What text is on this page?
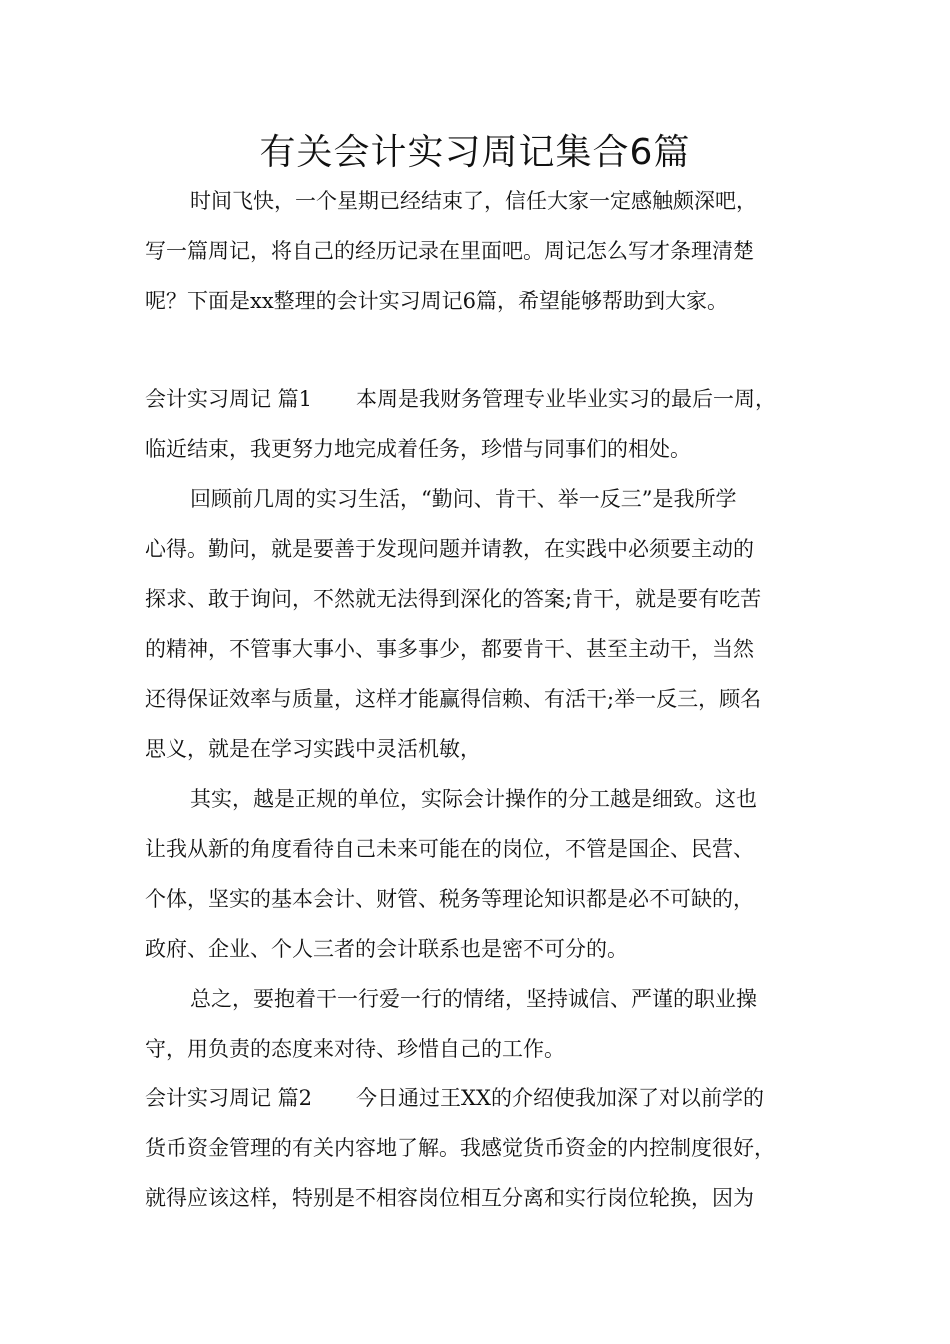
有关会计实习周记集合6篇
时间飞快，一个星期已经结束了，信任大家一定感触颇深吧，
写一篇周记，将自己的经历记录在里面吧。周记怎么写才条理清楚
呢？下面是xx整理的会计实习周记6篇，希望能够帮助到大家。
会计实习周记 篇1 本周是我财务管理专业毕业实习的最后一周，
临近结束，我更努力地完成着任务，珍惜与同事们的相处。
回顾前几周的实习生活，“勤问、肯干、举一反三”是我所学
心得。勤问，就是要善于发现问题并请教，在实践中必须要主动的
探求、敢于询问，不然就无法得到深化的答案;肯干，就是要有吃苦
的精神，不管事大事小、事多事少，都要肯干、甚至主动干，当然
还得保证效率与质量，这样才能赢得信赖、有活干;举一反三，顾名
思义，就是在学习实践中灵活机敏，
其实，越是正规的单位，实际会计操作的分工越是细致。这也
让我从新的角度看待自己未来可能在的岗位，不管是国企、民营、
个体，坚实的基本会计、财管、税务等理论知识都是必不可缺的，
政府、企业、个人三者的会计联系也是密不可分的。
总之，要抱着干一行爱一行的情绪，坚持诚信、严谨的职业操
守，用负责的态度来对待、珍惜自己的工作。
会计实习周记 篇2 今日通过王XX的介绍使我加深了对以前学的
货币资金管理的有关内容地了解。我感觉货币资金的内控制度很好，
就得应该这样，特别是不相容岗位相互分离和实行岗位轮换，因为
